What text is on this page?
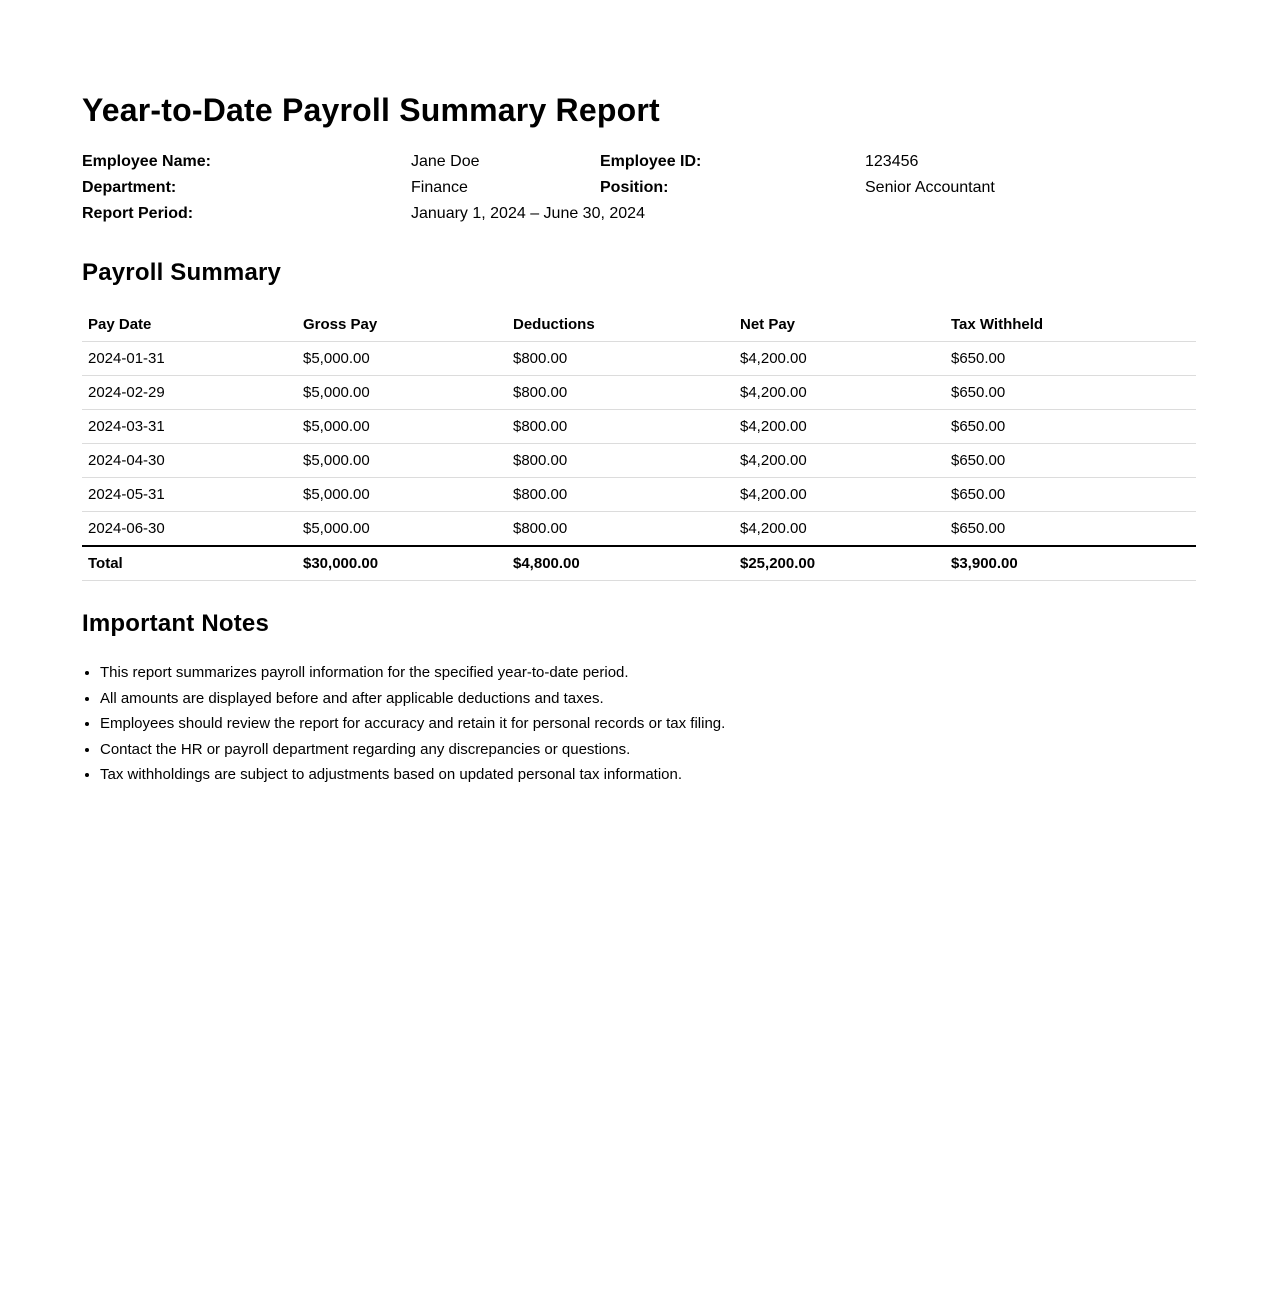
Year-to-Date Payroll Summary Report
Employee Name:	Jane Doe	Employee ID:	123456
Department:	Finance	Position:	Senior Accountant
Report Period:	January 1, 2024 – June 30, 2024
Payroll Summary
Pay Date	Gross Pay	Deductions	Net Pay	Tax Withheld
2024-01-31	$5,000.00	$800.00	$4,200.00	$650.00
2024-02-29	$5,000.00	$800.00	$4,200.00	$650.00
2024-03-31	$5,000.00	$800.00	$4,200.00	$650.00
2024-04-30	$5,000.00	$800.00	$4,200.00	$650.00
2024-05-31	$5,000.00	$800.00	$4,200.00	$650.00
2024-06-30	$5,000.00	$800.00	$4,200.00	$650.00
Total	$30,000.00	$4,800.00	$25,200.00	$3,900.00
Important Notes
• This report summarizes payroll information for the specified year-to-date period.
• All amounts are displayed before and after applicable deductions and taxes.
• Employees should review the report for accuracy and retain it for personal records or tax filing.
• Contact the HR or payroll department regarding any discrepancies or questions.
• Tax withholdings are subject to adjustments based on updated personal tax information.
